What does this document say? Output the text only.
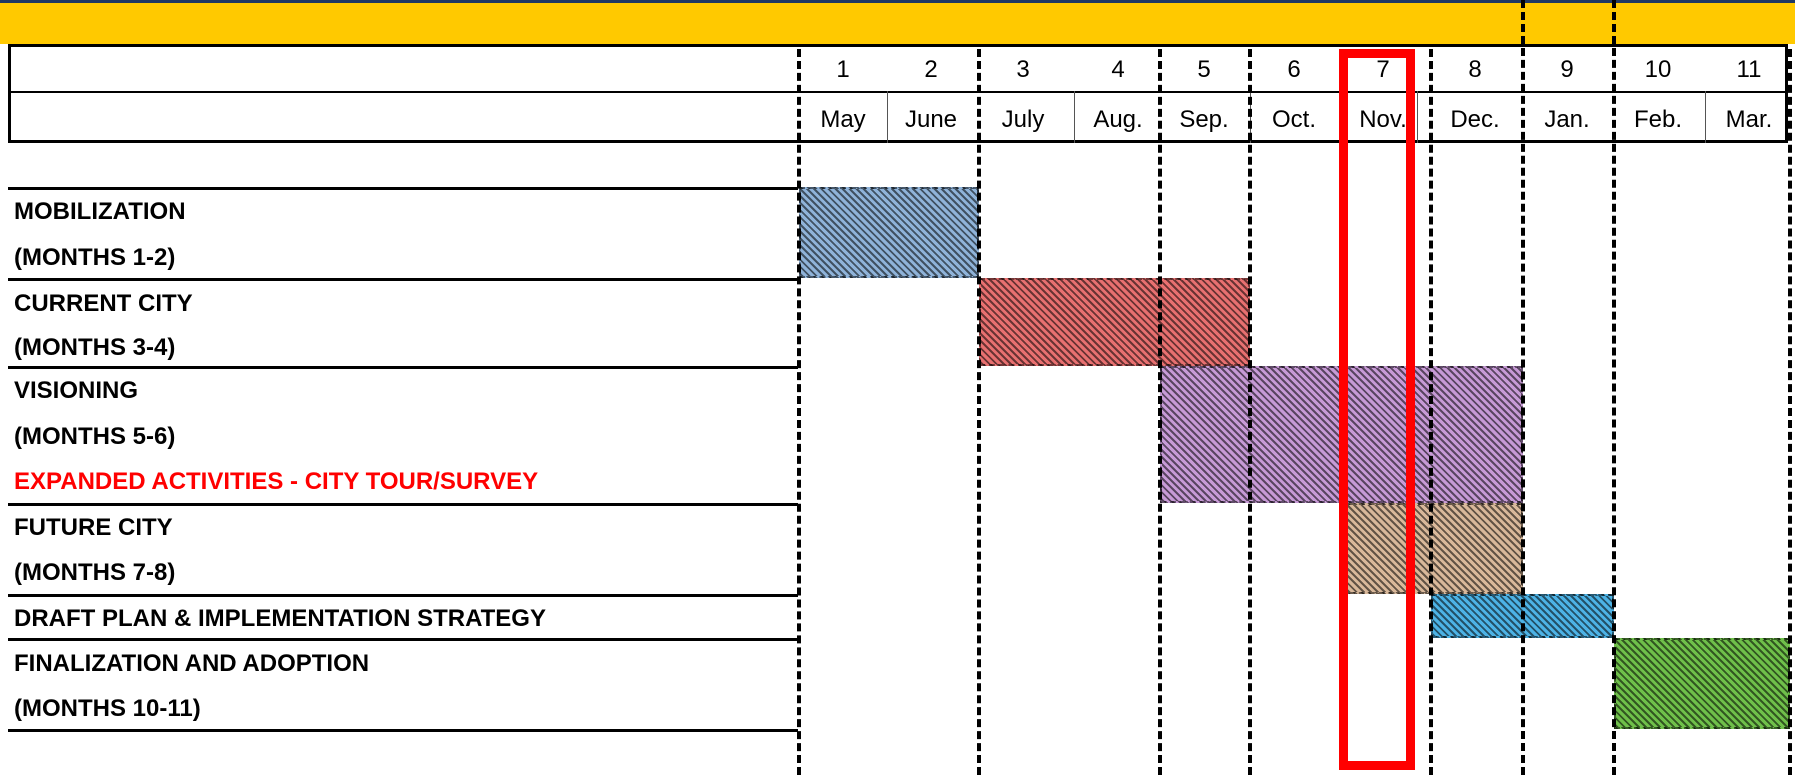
1	2	3	4	5	6	7	8	9	10	11
May	June	July	Aug.	Sep.	Oct.	Nov.	Dec.	Jan.	Feb.	Mar.
MOBILIZATION
(MONTHS 1-2)
CURRENT CITY
(MONTHS 3-4)
VISIONING
(MONTHS 5-6)
EXPANDED ACTIVITIES - CITY TOUR/SURVEY
FUTURE CITY
(MONTHS 7-8)
DRAFT PLAN & IMPLEMENTATION STRATEGY
FINALIZATION AND ADOPTION
(MONTHS 10-11)
